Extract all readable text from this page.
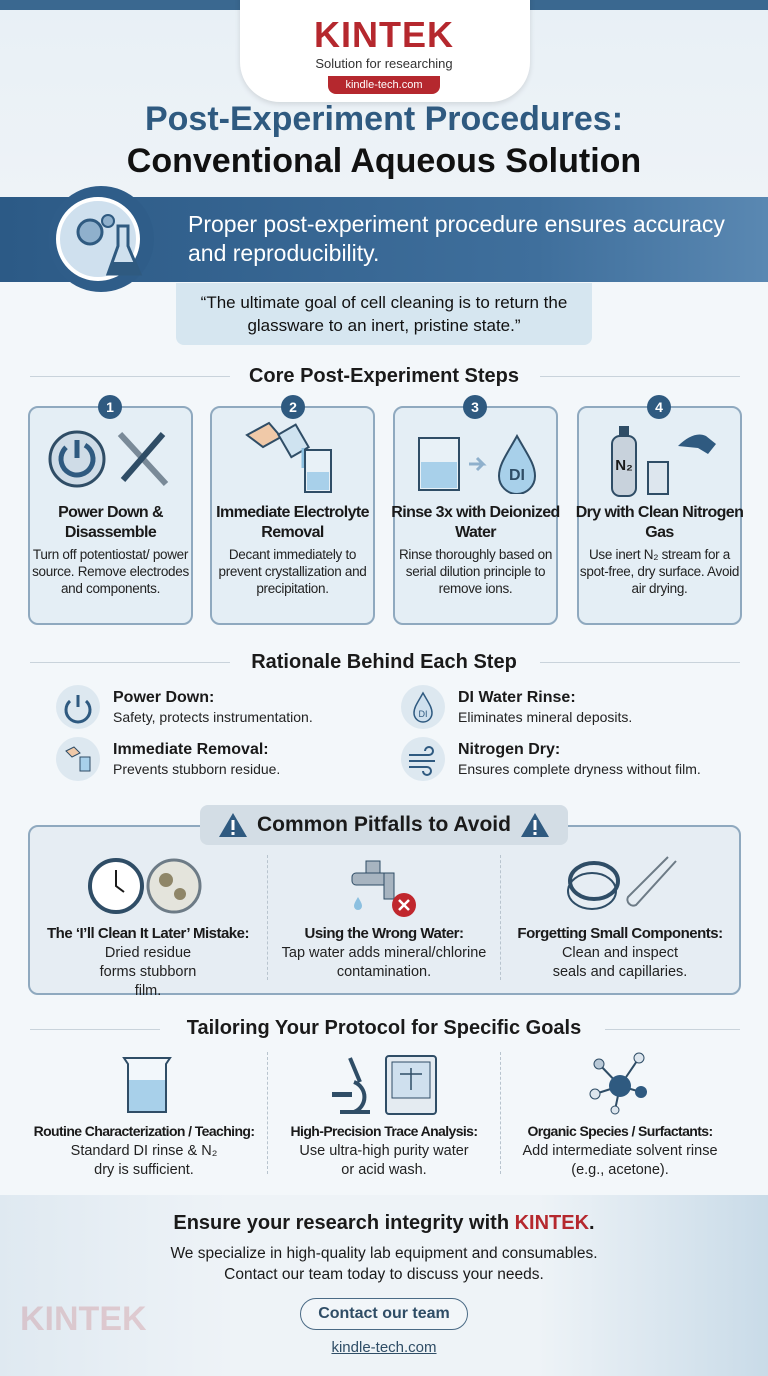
KINTEK
Solution for researching
kindle-tech.com
Post-Experiment Procedures:
Conventional Aqueous Solution
Proper post-experiment procedure ensures accuracy and reproducibility.
“The ultimate goal of cell cleaning is to return the glassware to an inert, pristine state.”
Core Post-Experiment Steps
1	2	3	4
DI
N₂
Power Down & Disassemble
Turn off potentiostat/ power source. Remove electrodes and components.
Immediate Electrolyte Removal
Decant immediately to prevent crystallization and precipitation.
Rinse 3x with Deionized Water
Rinse thoroughly based on serial dilution principle to remove ions.
Dry with Clean Nitrogen Gas
Use inert N₂ stream for a spot-free, dry surface. Avoid air drying.
Rationale Behind Each Step
DI
Power Down:
Safety, protects instrumentation.
Immediate Removal:
Prevents stubborn residue.
DI Water Rinse:
Eliminates mineral deposits.
Nitrogen Dry:
Ensures complete dryness without film.
Common Pitfalls to Avoid
The ‘I’ll Clean It Later’ Mistake:
Dried residue forms stubborn film.
Using the Wrong Water:
Tap water adds mineral/chlorine contamination.
Forgetting Small Components:
Clean and inspect seals and capillaries.
Tailoring Your Protocol for Specific Goals
Routine Characterization / Teaching:
Standard DI rinse & N₂ dry is sufficient.
High-Precision Trace Analysis:
Use ultra-high purity water or acid wash.
Organic Species / Surfactants:
Add intermediate solvent rinse (e.g., acetone).
KINTEK
Ensure your research integrity with KINTEK.
We specialize in high-quality lab equipment and consumables.
Contact our team today to discuss your needs.
Contact our team
kindle-tech.com
